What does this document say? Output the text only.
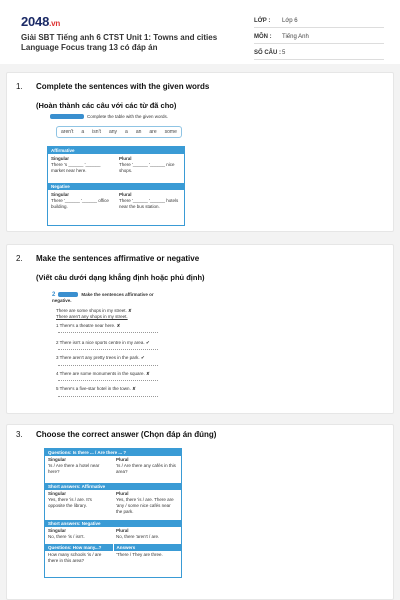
2048.vn
Giải SBT Tiếng anh 6 CTST Unit 1: Towns and cities Language Focus trang 13 có đáp án
LỚP :	Lớp 6
MÔN :	Tiếng Anh
SỐ CÂU : 5
1. Complete the sentences with the given words
(Hoàn thành các câu với các từ đã cho)
Complete the table with the given words.
aren't a isn't any a an are some
Affirmative
Singular
There 's ______ '______ market near here.
Plural
There '______ '______ nice shops.
Negative
Singular
There '______ '______ office building.
Plural
There '______ '______ hotels near the bus station.
2. Make the sentences affirmative or negative
(Viết câu dưới dạng khẳng định hoặc phủ định)
2	Make the sentences affirmative or negative.
There are some shops in my street. ✘
There aren't any shops in my street.
1 There's a theatre near here. ✘
2 There isn't a nice sports centre in my area. ✔
3 There aren't any pretty trees in the park. ✔
4 There are some monuments in the square. ✘
5 There's a five-star hotel in the town. ✘
3. Choose the correct answer (Chọn đáp án đúng)
Questions: Is there ... / Are there ... ?
Singular
'Is / Are there a hotel near here?
Plural
'Is / Are there any cafés in this area?
Short answers: Affirmative
Singular
Yes, there 'is / are. It's opposite the library.
Plural
Yes, there 'is / are. There are 'any / some nice cafés near the park.
Short answers: Negative
Singular
No, there 'is / isn't.
Plural
No, there 'aren't / are.
Questions: How many...?	Answers
How many schools 'is / are there in this area?
'There / They are three.
